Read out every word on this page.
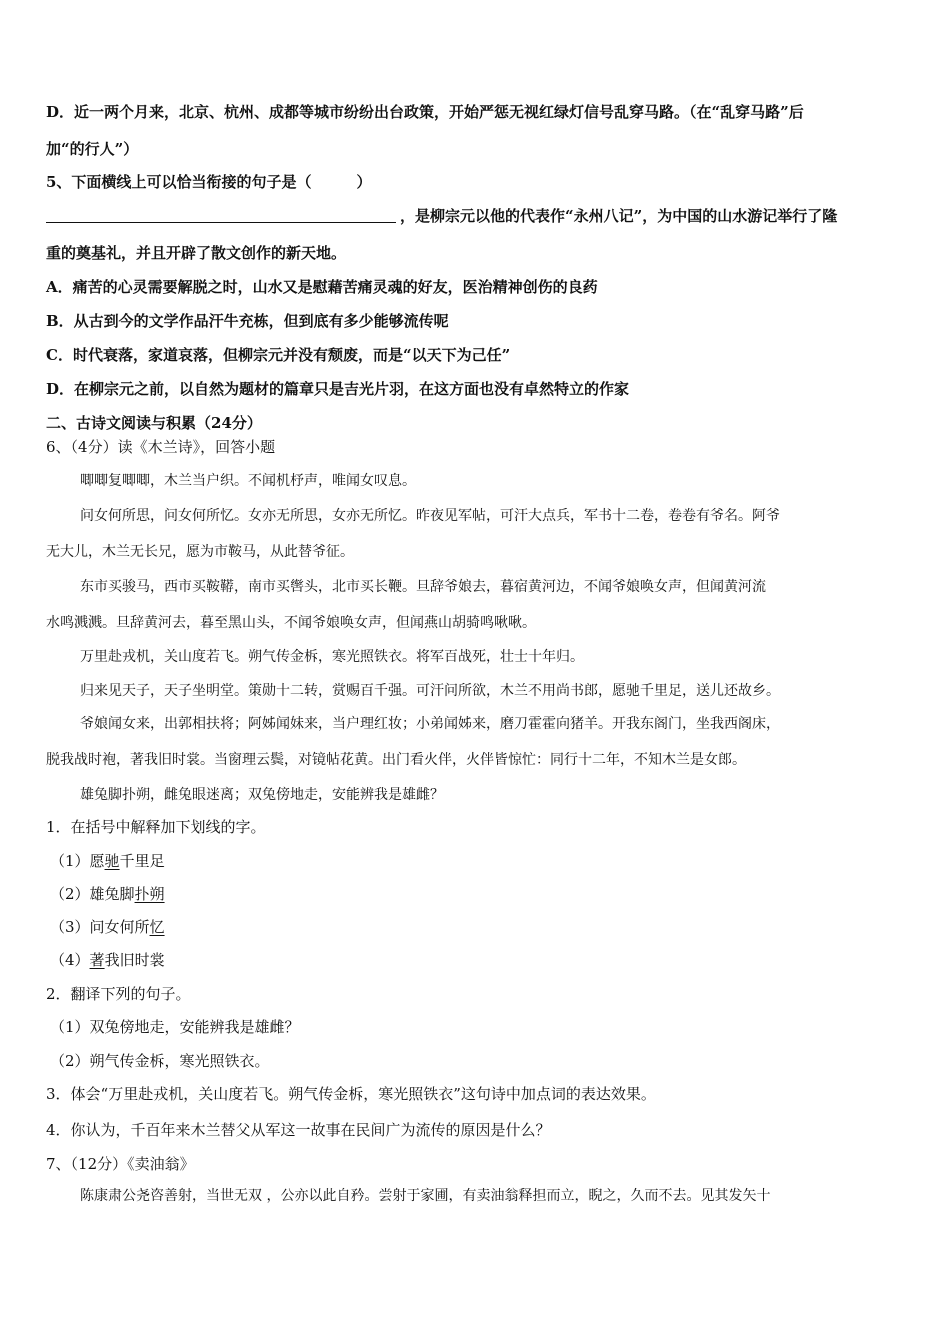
D．近一两个月来，北京、杭州、成都等城市纷纷出台政策，开始严惩无视红绿灯信号乱穿马路。（在“乱穿马路”后
加“的行人”）
5、下面横线上可以恰当衔接的句子是（　　　）
，是柳宗元以他的代表作“永州八记”，为中国的山水游记举行了隆
重的奠基礼，并且开辟了散文创作的新天地。
A．痛苦的心灵需要解脱之时，山水又是慰藉苦痛灵魂的好友，医治精神创伤的良药
B．从古到今的文学作品汗牛充栋，但到底有多少能够流传呢
C．时代衰落，家道哀落，但柳宗元并没有颓废，而是“以天下为己任”
D．在柳宗元之前，以自然为题材的篇章只是吉光片羽，在这方面也没有卓然特立的作家
二、古诗文阅读与积累（24分）
6、（4分）读《木兰诗》，回答小题
唧唧复唧唧，木兰当户织。不闻机杼声，唯闻女叹息。
问女何所思，问女何所忆。女亦无所思，女亦无所忆。昨夜见军帖，可汗大点兵，军书十二卷，卷卷有爷名。阿爷
无大儿，木兰无长兄，愿为市鞍马，从此替爷征。
东市买骏马，西市买鞍鞯，南市买辔头，北市买长鞭。旦辞爷娘去，暮宿黄河边，不闻爷娘唤女声，但闻黄河流
水鸣溅溅。旦辞黄河去，暮至黑山头，不闻爷娘唤女声，但闻燕山胡骑鸣啾啾。
万里赴戎机，关山度若飞。朔气传金柝，寒光照铁衣。将军百战死，壮士十年归。
归来见天子，天子坐明堂。策勋十二转，赏赐百千强。可汗问所欲，木兰不用尚书郎，愿驰千里足，送儿还故乡。
爷娘闻女来，出郭相扶将；阿姊闻妹来，当户理红妆；小弟闻姊来，磨刀霍霍向猪羊。开我东阁门，坐我西阁床，
脱我战时袍，著我旧时裳。当窗理云鬓，对镜帖花黄。出门看火伴，火伴皆惊忙：同行十二年，不知木兰是女郎。
雄兔脚扑朔，雌兔眼迷离；双兔傍地走，安能辨我是雄雌？
1．在括号中解释加下划线的字。
（1）愿驰千里足
（2）雄兔脚扑朔
（3）问女何所忆
（4）著我旧时裳
2．翻译下列的句子。
（1）双兔傍地走，安能辨我是雄雌？
（2）朔气传金柝，寒光照铁衣。
3．体会“万里赴戎机，关山度若飞。朔气传金柝，寒光照铁衣”这句诗中加点词的表达效果。
4．你认为，千百年来木兰替父从军这一故事在民间广为流传的原因是什么？
7、（12分）《卖油翁》
陈康肃公尧咨善射，当世无双 ，公亦以此自矜。尝射于家圃，有卖油翁释担而立，睨之，久而不去。见其发矢十
